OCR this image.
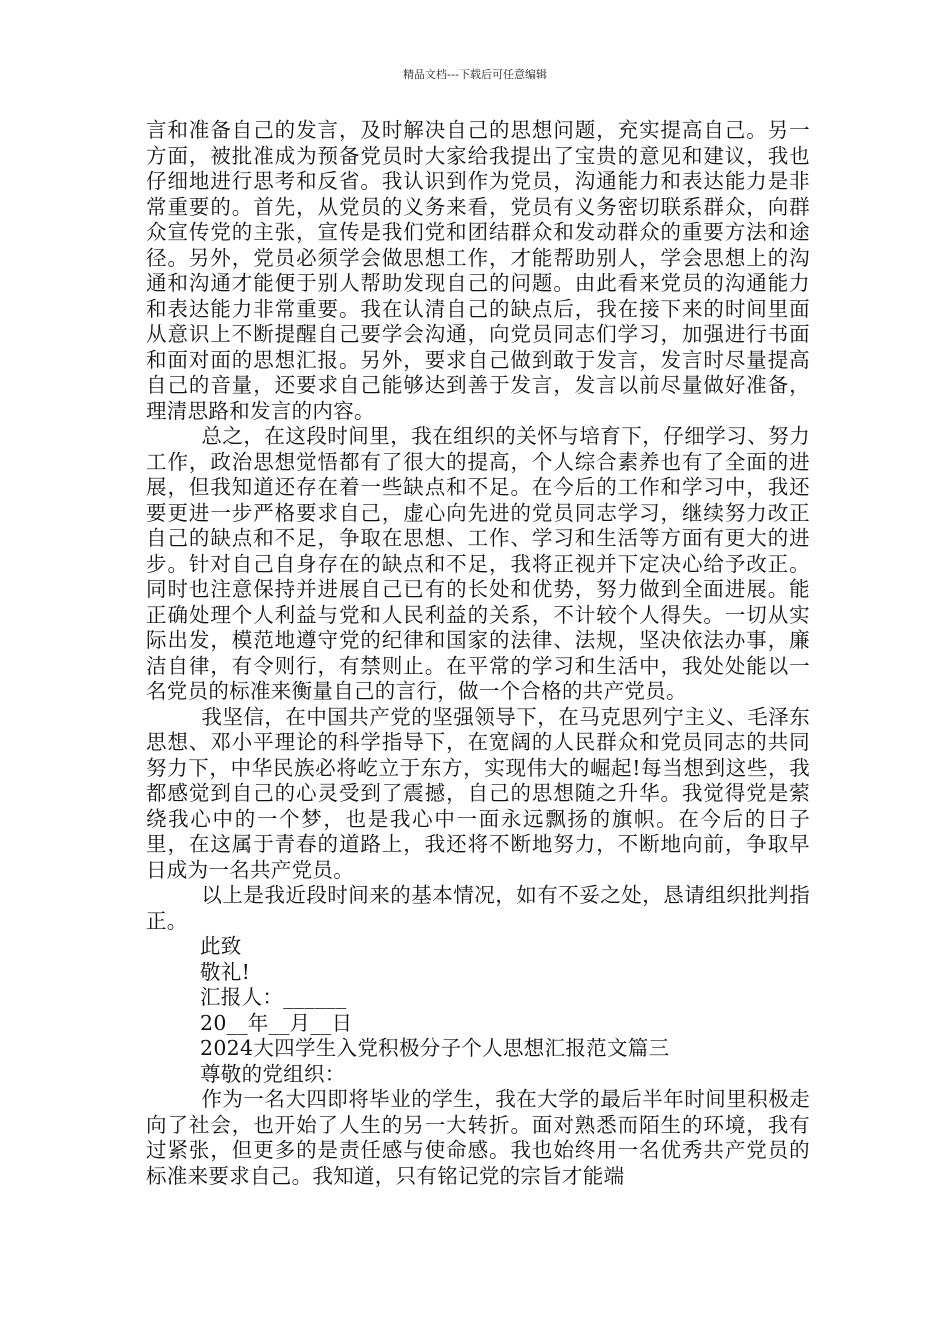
精品文档---下载后可任意编辑

言和准备自己的发言，及时解决自己的思想问题，充实提高自己。另一方面，被批准成为预备党员时大家给我提出了宝贵的意见和建议，我也仔细地进行思考和反省。我认识到作为党员，沟通能力和表达能力是非常重要的。首先，从党员的义务来看，党员有义务密切联系群众，向群众宣传党的主张，宣传是我们党和团结群众和发动群众的重要方法和途径。另外，党员必须学会做思想工作，才能帮助别人，学会思想上的沟通和沟通才能便于别人帮助发现自己的问题。由此看来党员的沟通能力和表达能力非常重要。我在认清自己的缺点后，我在接下来的时间里面从意识上不断提醒自己要学会沟通，向党员同志们学习，加强进行书面和面对面的思想汇报。另外，要求自己做到敢于发言，发言时尽量提高自己的音量，还要求自己能够达到善于发言，发言以前尽量做好准备，理清思路和发言的内容。

总之，在这段时间里，我在组织的关怀与培育下，仔细学习、努力工作，政治思想觉悟都有了很大的提高，个人综合素养也有了全面的进展，但我知道还存在着一些缺点和不足。在今后的工作和学习中，我还要更进一步严格要求自己，虚心向先进的党员同志学习，继续努力改正自己的缺点和不足，争取在思想、工作、学习和生活等方面有更大的进步。针对自己自身存在的缺点和不足，我将正视并下定决心给予改正。同时也注意保持并进展自己已有的长处和优势，努力做到全面进展。能正确处理个人利益与党和人民利益的关系，不计较个人得失。一切从实际出发，模范地遵守党的纪律和国家的法律、法规，坚决依法办事，廉洁自律，有令则行，有禁则止。在平常的学习和生活中，我处处能以一名党员的标准来衡量自己的言行，做一个合格的共产党员。

我坚信，在中国共产党的坚强领导下，在马克思列宁主义、毛泽东思想、邓小平理论的科学指导下，在宽阔的人民群众和党员同志的共同努力下，中华民族必将屹立于东方，实现伟大的崛起!每当想到这些，我都感觉到自己的心灵受到了震撼，自己的思想随之升华。我觉得党是萦绕我心中的一个梦，也是我心中一面永远飘扬的旗帜。在今后的日子里，在这属于青春的道路上，我还将不断地努力，不断地向前，争取早日成为一名共产党员。

以上是我近段时间来的基本情况，如有不妥之处，恳请组织批判指正。

此致

敬礼!

汇报人：______

20__年__月__日

2024大四学生入党积极分子个人思想汇报范文篇三

尊敬的党组织：

作为一名大四即将毕业的学生，我在大学的最后半年时间里积极走向了社会，也开始了人生的另一大转折。面对熟悉而陌生的环境，我有过紧张，但更多的是责任感与使命感。我也始终用一名优秀共产党员的标准来要求自己。我知道，只有铭记党的宗旨才能端
